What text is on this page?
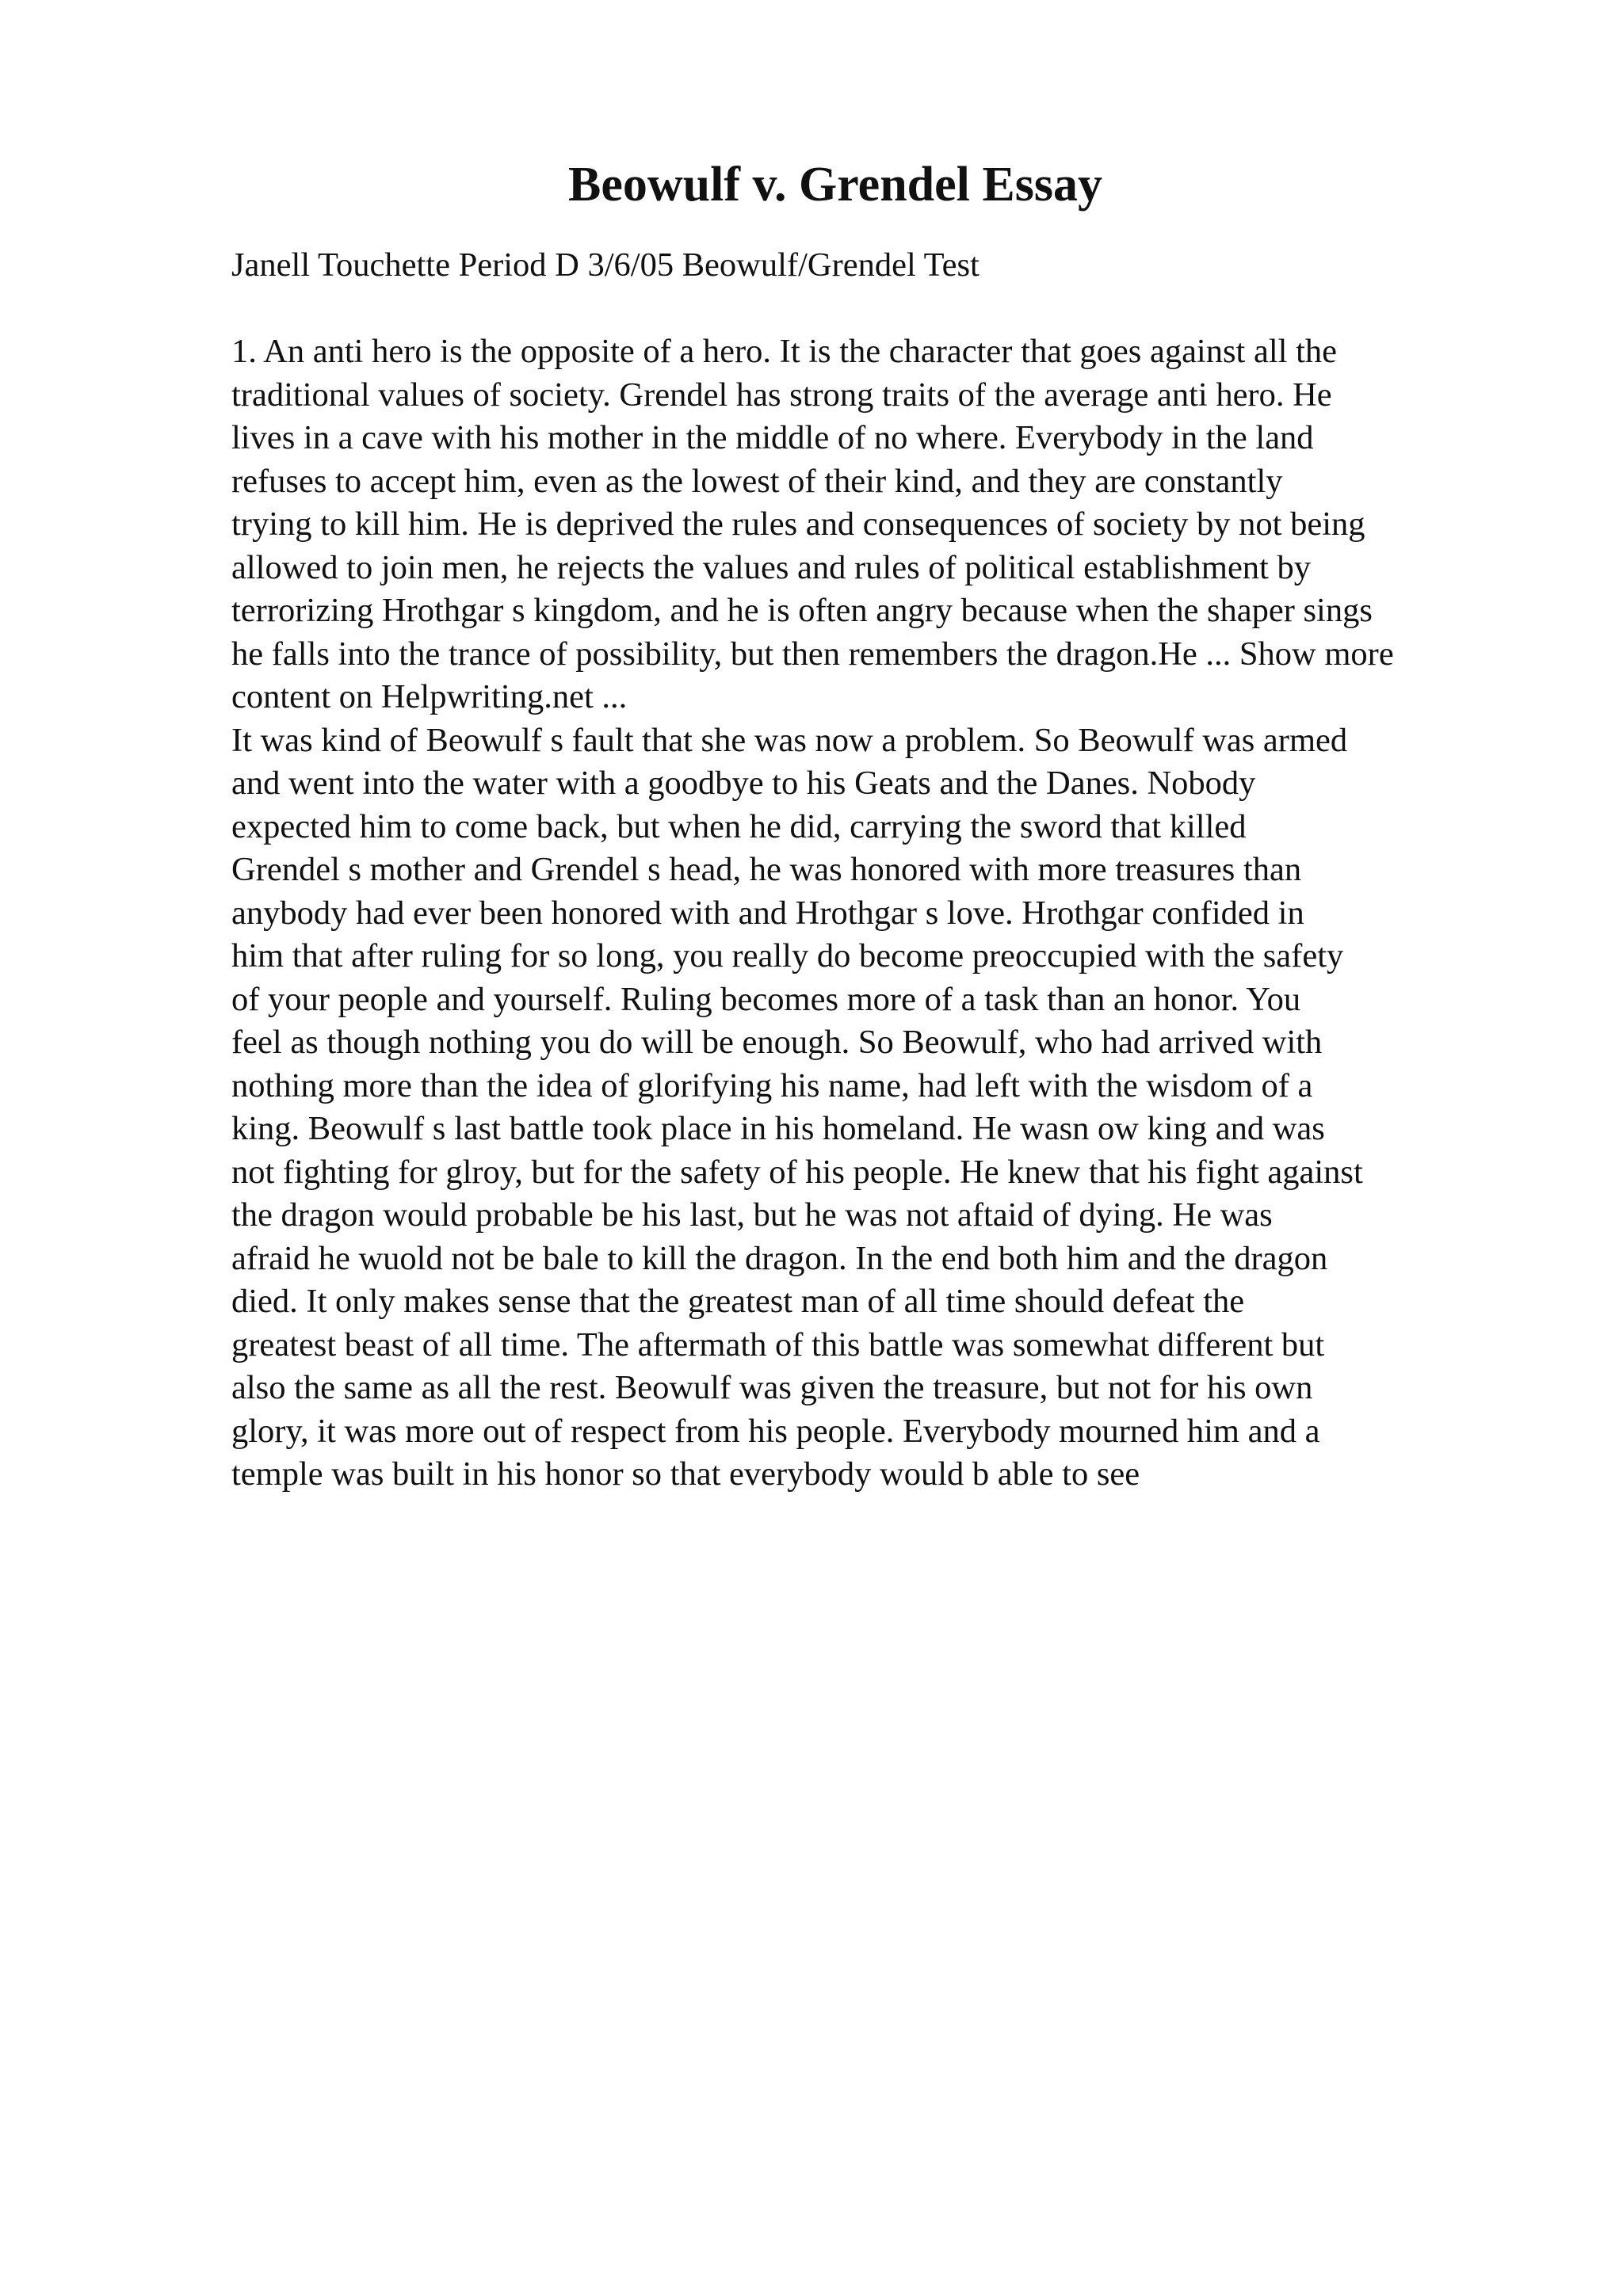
Beowulf v. Grendel Essay
Janell Touchette Period D 3/6/05 Beowulf/Grendel Test
1. An anti hero is the opposite of a hero. It is the character that goes against all the
traditional values of society. Grendel has strong traits of the average anti hero. He
lives in a cave with his mother in the middle of no where. Everybody in the land
refuses to accept him, even as the lowest of their kind, and they are constantly
trying to kill him. He is deprived the rules and consequences of society by not being
allowed to join men, he rejects the values and rules of political establishment by
terrorizing Hrothgar s kingdom, and he is often angry because when the shaper sings
he falls into the trance of possibility, but then remembers the dragon.He ... Show more
content on Helpwriting.net ...
It was kind of Beowulf s fault that she was now a problem. So Beowulf was armed
and went into the water with a goodbye to his Geats and the Danes. Nobody
expected him to come back, but when he did, carrying the sword that killed
Grendel s mother and Grendel s head, he was honored with more treasures than
anybody had ever been honored with and Hrothgar s love. Hrothgar confided in
him that after ruling for so long, you really do become preoccupied with the safety
of your people and yourself. Ruling becomes more of a task than an honor. You
feel as though nothing you do will be enough. So Beowulf, who had arrived with
nothing more than the idea of glorifying his name, had left with the wisdom of a
king. Beowulf s last battle took place in his homeland. He wasn ow king and was
not fighting for glroy, but for the safety of his people. He knew that his fight against
the dragon would probable be his last, but he was not aftaid of dying. He was
afraid he wuold not be bale to kill the dragon. In the end both him and the dragon
died. It only makes sense that the greatest man of all time should defeat the
greatest beast of all time. The aftermath of this battle was somewhat different but
also the same as all the rest. Beowulf was given the treasure, but not for his own
glory, it was more out of respect from his people. Everybody mourned him and a
temple was built in his honor so that everybody would b able to see
